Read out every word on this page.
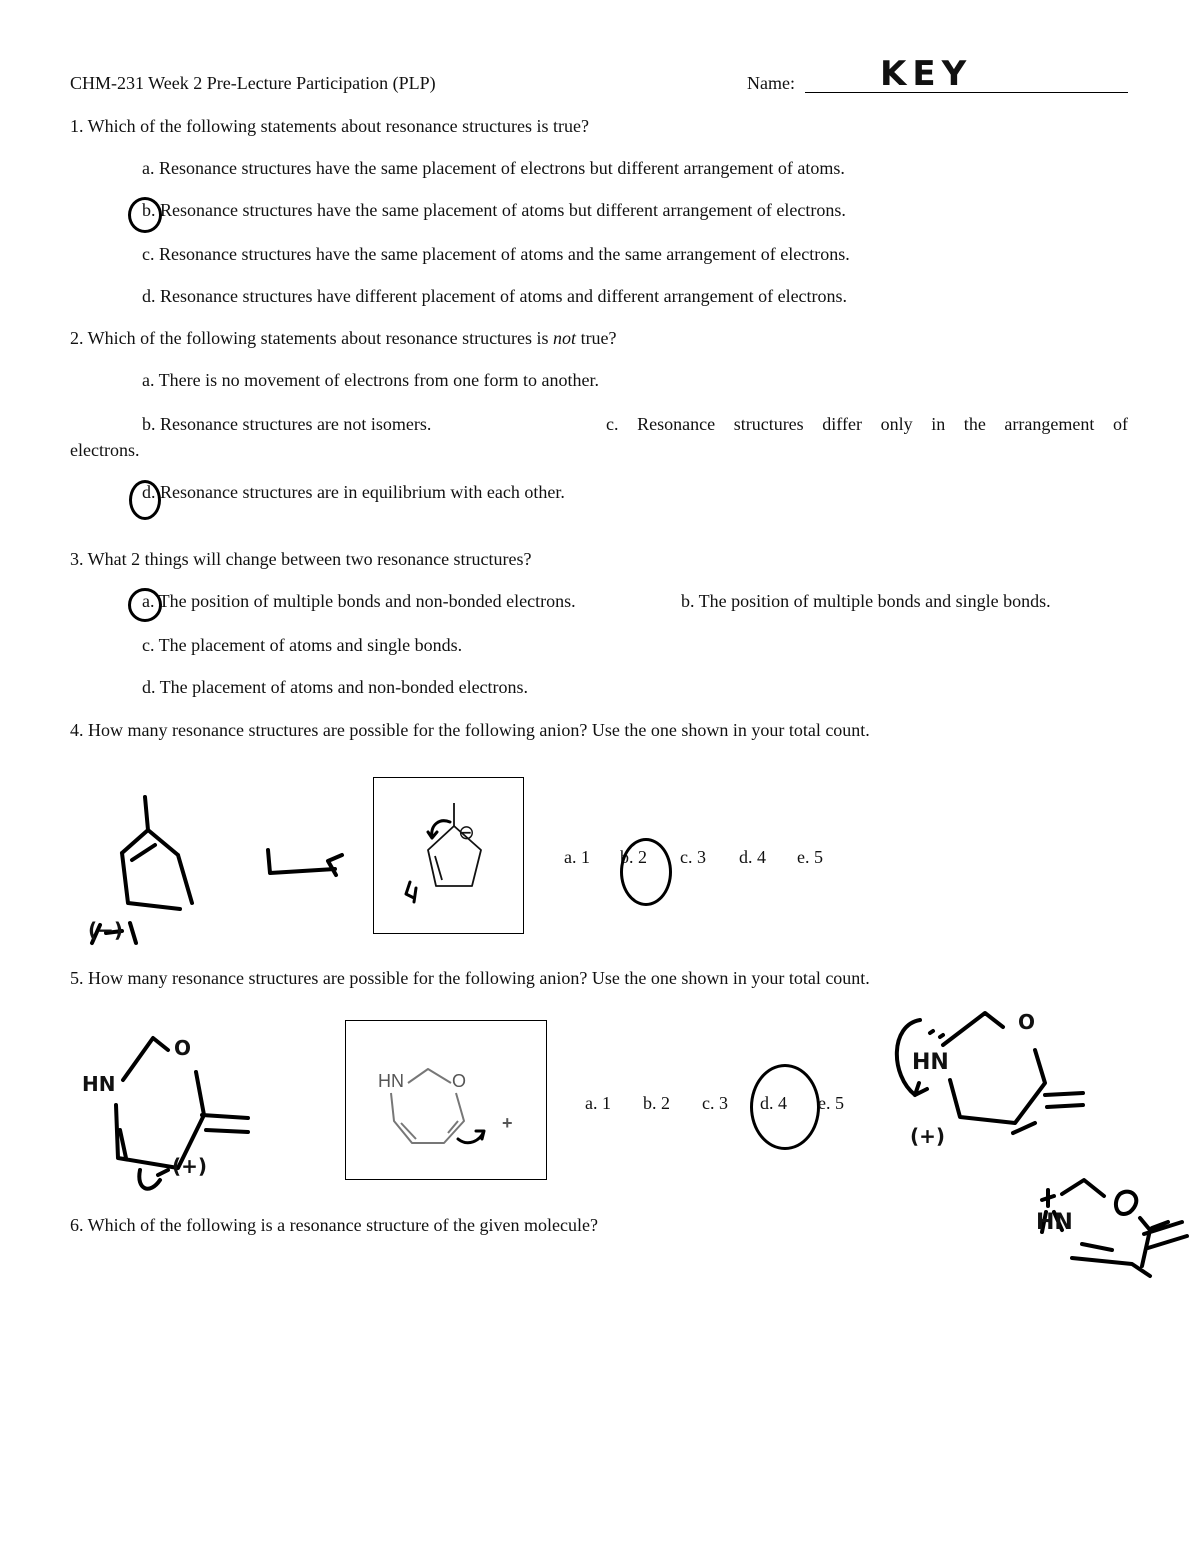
CHM-231 Week 2 Pre-Lecture Participation (PLP)	Name:	KEY
1. Which of the following statements about resonance structures is true?
a. Resonance structures have the same placement of electrons but different arrangement of atoms.
b. Resonance structures have the same placement of atoms but different arrangement of electrons.
c. Resonance structures have the same placement of atoms and the same arrangement of electrons.
d. Resonance structures have different placement of atoms and different arrangement of electrons.
2. Which of the following statements about resonance structures is not true?
a. There is no movement of electrons from one form to another.
b. Resonance structures are not isomers.	c. Resonance structures differ only in the arrangement of
electrons.
d. Resonance structures are in equilibrium with each other.
3. What 2 things will change between two resonance structures?
a. The position of multiple bonds and non-bonded electrons.	b. The position of multiple bonds and single bonds.
c. The placement of atoms and single bonds.
d. The placement of atoms and non-bonded electrons.
4. How many resonance structures are possible for the following anion? Use the one shown in your total count.
(−)
⊖
a. 1 b. 2 c. 3 d. 4 e. 5
5. How many resonance structures are possible for the following anion? Use the one shown in your total count.
HN
O
(+)
HN	O
+
a. 1 b. 2 c. 3 d. 4 e. 5
HN
O
(+)
HN
6. Which of the following is a resonance structure of the given molecule?
